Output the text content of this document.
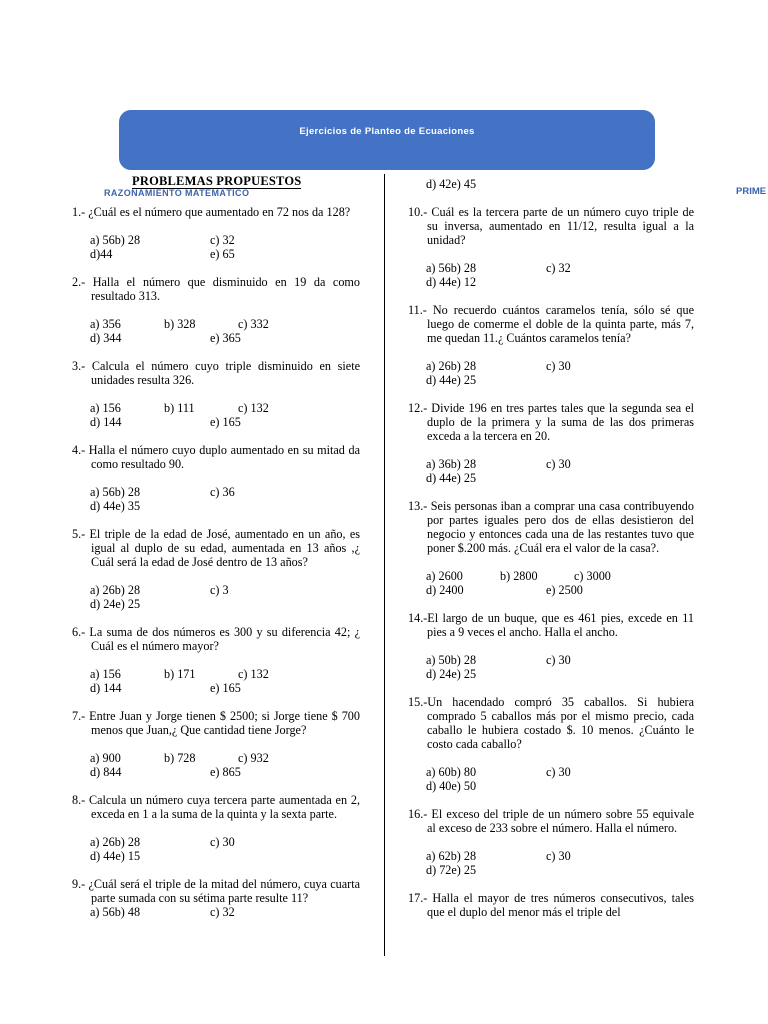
Ejercicios de Planteo de Ecuaciones
PRIME
PROBLEMAS PROPUESTOS
RAZONAMIENTO MATEMÁTICO
1.- ¿Cuál es el número que aumentado en 72 nos da 128?
a) 56b) 28	c) 32
d)44	e) 65
2.- Halla el número que disminuido en 19 da como resultado 313.
a) 356	b) 328	c) 332
d) 344	e) 365
3.- Calcula el número cuyo triple disminuido en siete unidades resulta 326.
a) 156	b) 111	c) 132
d) 144	e) 165
4.- Halla el número cuyo duplo aumentado en su mitad da como resultado 90.
a) 56b) 28	c) 36
d) 44e) 35
5.- El triple de la edad de José, aumentado en un año, es igual al duplo de su edad, aumentada en 13 años ,¿ Cuál será la edad de José dentro de 13 años?
a) 26b) 28	c) 3
d) 24e) 25
6.- La suma de dos números es 300 y su diferencia 42; ¿ Cuál es el número mayor?
a) 156	b) 171	c) 132
d) 144	e) 165
7.- Entre Juan y Jorge tienen $ 2500; si Jorge tiene $ 700 menos que Juan,¿ Que cantidad tiene Jorge?
a) 900	b) 728	c) 932
d) 844	e) 865
8.- Calcula un número cuya tercera parte aumentada en 2, exceda en 1 a la suma de la quinta y la sexta parte.
a) 26b) 28	c) 30
d) 44e) 15
9.- ¿Cuál será el triple de la mitad del número, cuya cuarta parte sumada con su sétima parte resulte 11?
a) 56b) 48	c) 32
d) 42e) 45
10.- Cuál es la tercera parte de un número cuyo triple de su inversa, aumentado en 11/12, resulta igual a la unidad?
a) 56b) 28	c) 32
d) 44e) 12
11.- No recuerdo cuántos caramelos tenía, sólo sé que luego de comerme el doble de la quinta parte, más 7, me quedan 11.¿ Cuántos caramelos tenía?
a) 26b) 28	c) 30
d) 44e) 25
12.- Divide 196 en tres partes tales que la segunda sea el duplo de la primera y la suma de las dos primeras exceda a la tercera en 20.
a) 36b) 28	c) 30
d) 44e) 25
13.- Seis personas iban a comprar una casa contribuyendo por partes iguales pero dos de ellas desistieron del negocio y entonces cada una de las restantes tuvo que poner $.200 más. ¿Cuál era el valor de la casa?.
a) 2600	b) 2800	c) 3000
d) 2400	e) 2500
14.-El largo de un buque, que es 461 pies, excede en 11 pies a 9 veces el ancho. Halla el ancho.
a) 50b) 28	c) 30
d) 24e) 25
15.-Un hacendado compró 35 caballos. Si hubiera comprado 5 caballos más por el mismo precio, cada caballo le hubiera costado $. 10 menos. ¿Cuánto le costo cada caballo?
a) 60b) 80	c) 30
d) 40e) 50
16.- El exceso del triple de un número sobre 55 equivale al exceso de 233 sobre el número. Halla el número.
a) 62b) 28	c) 30
d) 72e) 25
17.- Halla el mayor de tres números consecutivos, tales que el duplo del menor más el triple del
